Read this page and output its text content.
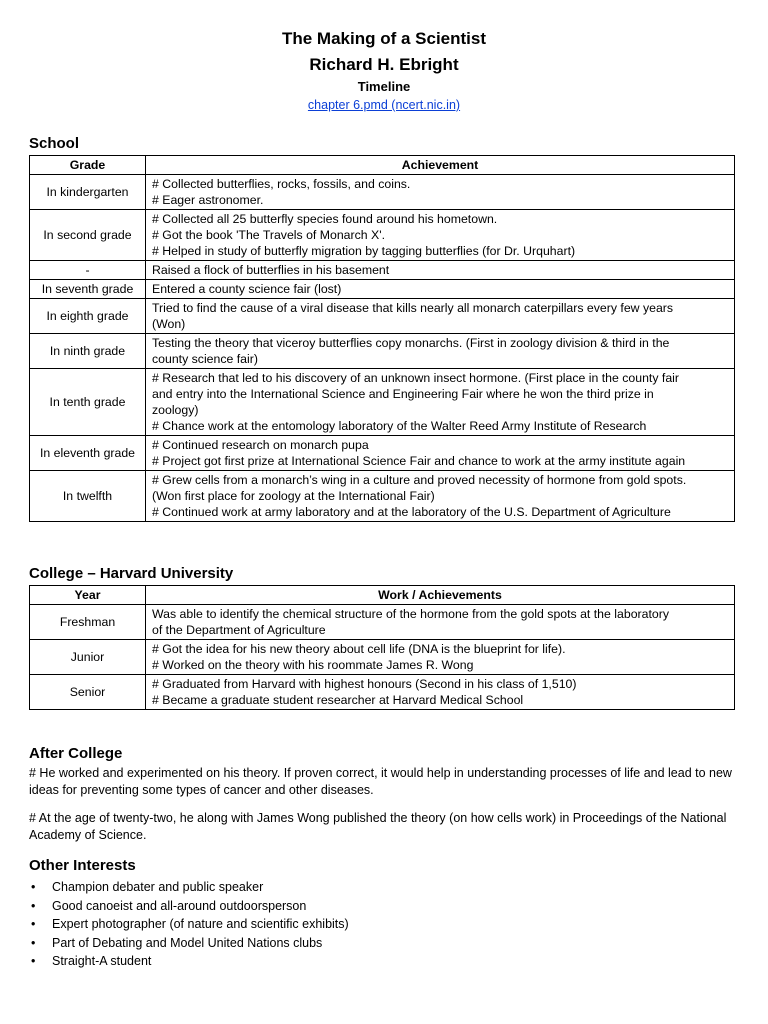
The Making of a Scientist
Richard H. Ebright
Timeline
chapter 6.pmd (ncert.nic.in)
School
Grade	Achievement
In kindergarten	# Collected butterflies, rocks, fossils, and coins.
# Eager astronomer.

In second grade	# Collected all 25 butterfly species found around his hometown.
# Got the book 'The Travels of Monarch X'.
# Helped in study of butterfly migration by tagging butterflies (for Dr. Urquhart)

-	Raised a flock of butterflies in his basement

In seventh grade	Entered a county science fair (lost)

In eighth grade	Tried to find the cause of a viral disease that kills nearly all monarch caterpillars every few years
(Won)

In ninth grade	Testing the theory that viceroy butterflies copy monarchs. (First in zoology division & third in the
county science fair)

In tenth grade	# Research that led to his discovery of an unknown insect hormone. (First place in the county fair
and entry into the International Science and Engineering Fair where he won the third prize in
zoology)
# Chance work at the entomology laboratory of the Walter Reed Army Institute of Research

In eleventh grade	# Continued research on monarch pupa
# Project got first prize at International Science Fair and chance to work at the army institute again

In twelfth	# Grew cells from a monarch’s wing in a culture and proved necessity of hormone from gold spots.
(Won first place for zoology at the International Fair)
# Continued work at army laboratory and at the laboratory of the U.S. Department of Agriculture
College – Harvard University
Year	Work / Achievements
Freshman	Was able to identify the chemical structure of the hormone from the gold spots at the laboratory
of the Department of Agriculture

Junior	# Got the idea for his new theory about cell life (DNA is the blueprint for life).
# Worked on the theory with his roommate James R. Wong

Senior	# Graduated from Harvard with highest honours (Second in his class of 1,510)
# Became a graduate student researcher at Harvard Medical School
After College
# He worked and experimented on his theory. If proven correct, it would help in understanding processes of life and lead to new ideas for preventing some types of cancer and other diseases.
# At the age of twenty-two, he along with James Wong published the theory (on how cells work) in Proceedings of the National Academy of Science.
Other Interests
• Champion debater and public speaker
• Good canoeist and all-around outdoorsperson
• Expert photographer (of nature and scientific exhibits)
• Part of Debating and Model United Nations clubs
• Straight-A student
